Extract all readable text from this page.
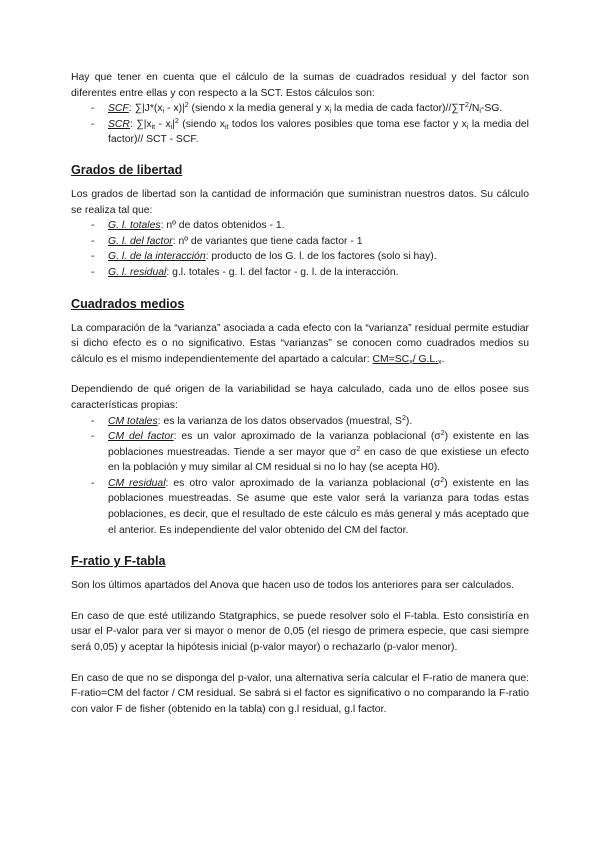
Hay que tener en cuenta que el cálculo de la sumas de cuadrados residual y del factor son diferentes entre ellas y con respecto a la SCT. Estos cálculos son:

- SCF: $\sum|J*(x_i - x)|^2$ (siendo x la media general y $x_i$ la media de cada $factor)//\sum T^2/N_i-SG$.
- SCR: $\sum|x_{it} - x_i|^2$ (siendo $x_{it}$ todos los valores posibles que toma ese factor y $x_i$ la media del factor)// SCT - SCF.
Grados de libertad

Los grados de libertad son la cantidad de información que suministran nuestros datos. Su cálculo se realiza tal que:

- G. l. totales: nº de datos obtenidos - 1.
- G. l. del factor: nº de variantes que tiene cada factor - 1
- G. l. de la interacción: producto de los G. l. de los factores (solo si hay).
- G. l. residual: g.l. totales - g. l. del factor - g. l. de la interacción.
Cuadrados medios

La comparación de la “varianza” asociada a cada efecto con la “varianza” residual permite estudiar si dicho efecto es o no significativo. Estas “varianzas” se conocen como cuadrados medios su cálculo es el mismo independientemente del apartado a calcular: $CM=SC_x/$ $G.L._x$.

Dependiendo de qué origen de la variabilidad se haya calculado, cada uno de ellos posee sus características propias:

- CM totales: es la varianza de los datos observados (muestral, $S^2$).
- CM del factor: es un valor aproximado de la varianza poblacional $(\sigma^2)$ existente en las poblaciones muestreadas. Tiende a ser mayor que $\sigma^2$ en caso de que existiese un efecto en la población y muy similar al CM residual si no lo hay (se acepta H0).
- CM residual: es otro valor aproximado de la varianza poblacional $(\sigma^2)$ existente en las poblaciones muestreadas. Se asume que este valor será la varianza para todas estas poblaciones, es decir, que el resultado de este cálculo es más general y más aceptado que el anterior. Es independiente del valor obtenido del CM del factor.
F-ratio y F-tabla

Son los últimos apartados del Anova que hacen uso de todos los anteriores para ser calculados.

En caso de que esté utilizando Statgraphics, se puede resolver solo el F-tabla. Esto consistiría en usar el P-valor para ver si mayor o menor de 0,05 (el riesgo de primera especie, que casi siempre será 0,05) y aceptar la hipótesis inicial (p-valor mayor) o rechazarlo (p-valor menor).

En caso de que no se disponga del p-valor, una alternativa sería calcular el F-ratio de manera que: F-ratio=CM del factor / CM residual. Se sabrá si el factor es significativo o no comparando la F-ratio con valor F de fisher (obtenido en la tabla) con g.l residual, g.l factor.
